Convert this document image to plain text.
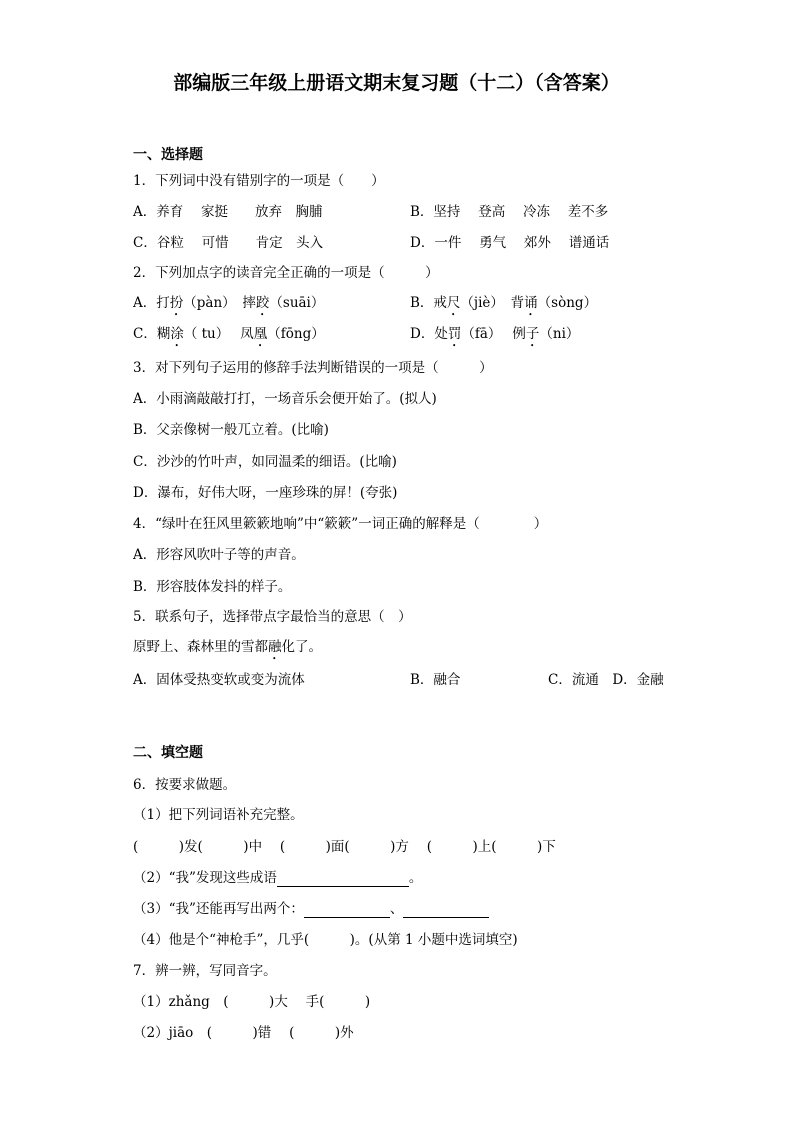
部编版三年级上册语文期末复习题（十二）（含答案）
一、选择题
1．下列词中没有错别字的一项是（　　）
A．养育　 家挺　　放弃　胸脯	B．坚持　 登高　 冷冻　 差不多
C．谷粒　 可惜　　肯定　头入	D．一件　 勇气　 郊外　 谱通话
2．下列加点字的读音完全正确的一项是（　　　）
A．打扮（pàn）　摔跤（suāi）	B．戒尺（jiè）　背诵（sòng）
C．糊涂（ tu）　 凤凰（fōng）	D．处罚（fā）　 例子（ni）
3．对下列句子运用的修辞手法判断错误的一项是（　　　）
A．小雨滴敲敲打打，一场音乐会便开始了。(拟人)
B．父亲像树一般兀立着。(比喻)
C．沙沙的竹叶声，如同温柔的细语。(比喻)
D．瀑布，好伟大呀，一座珍珠的屏！(夸张)
4．“绿叶在狂风里簌簌地响”中“簌簌”一词正确的解释是（　　　　）
A．形容风吹叶子等的声音。
B．形容肢体发抖的样子。
5．联系句子，选择带点字最恰当的意思（　）
原野上、森林里的雪都融化了。
A．固体受热变软或变为流体	B．融合	C．流通　D．金融
二、填空题
6．按要求做题。
（1）把下列词语补充完整。
(　　　)发(　　　)中　 (　　　)面(　　　)方　 (　　　)上(　　　)下
（2）“我”发现这些成语	。
（3）“我”还能再写出两个：	、
（4）他是个“神枪手”，几乎(　　　)。(从第 1 小题中选词填空)
7．辨一辨，写同音字。
（1）zhǎng　(　　　)大　 手(　　　)
（2）jiāo　(　　　)错　 (　　　)外
